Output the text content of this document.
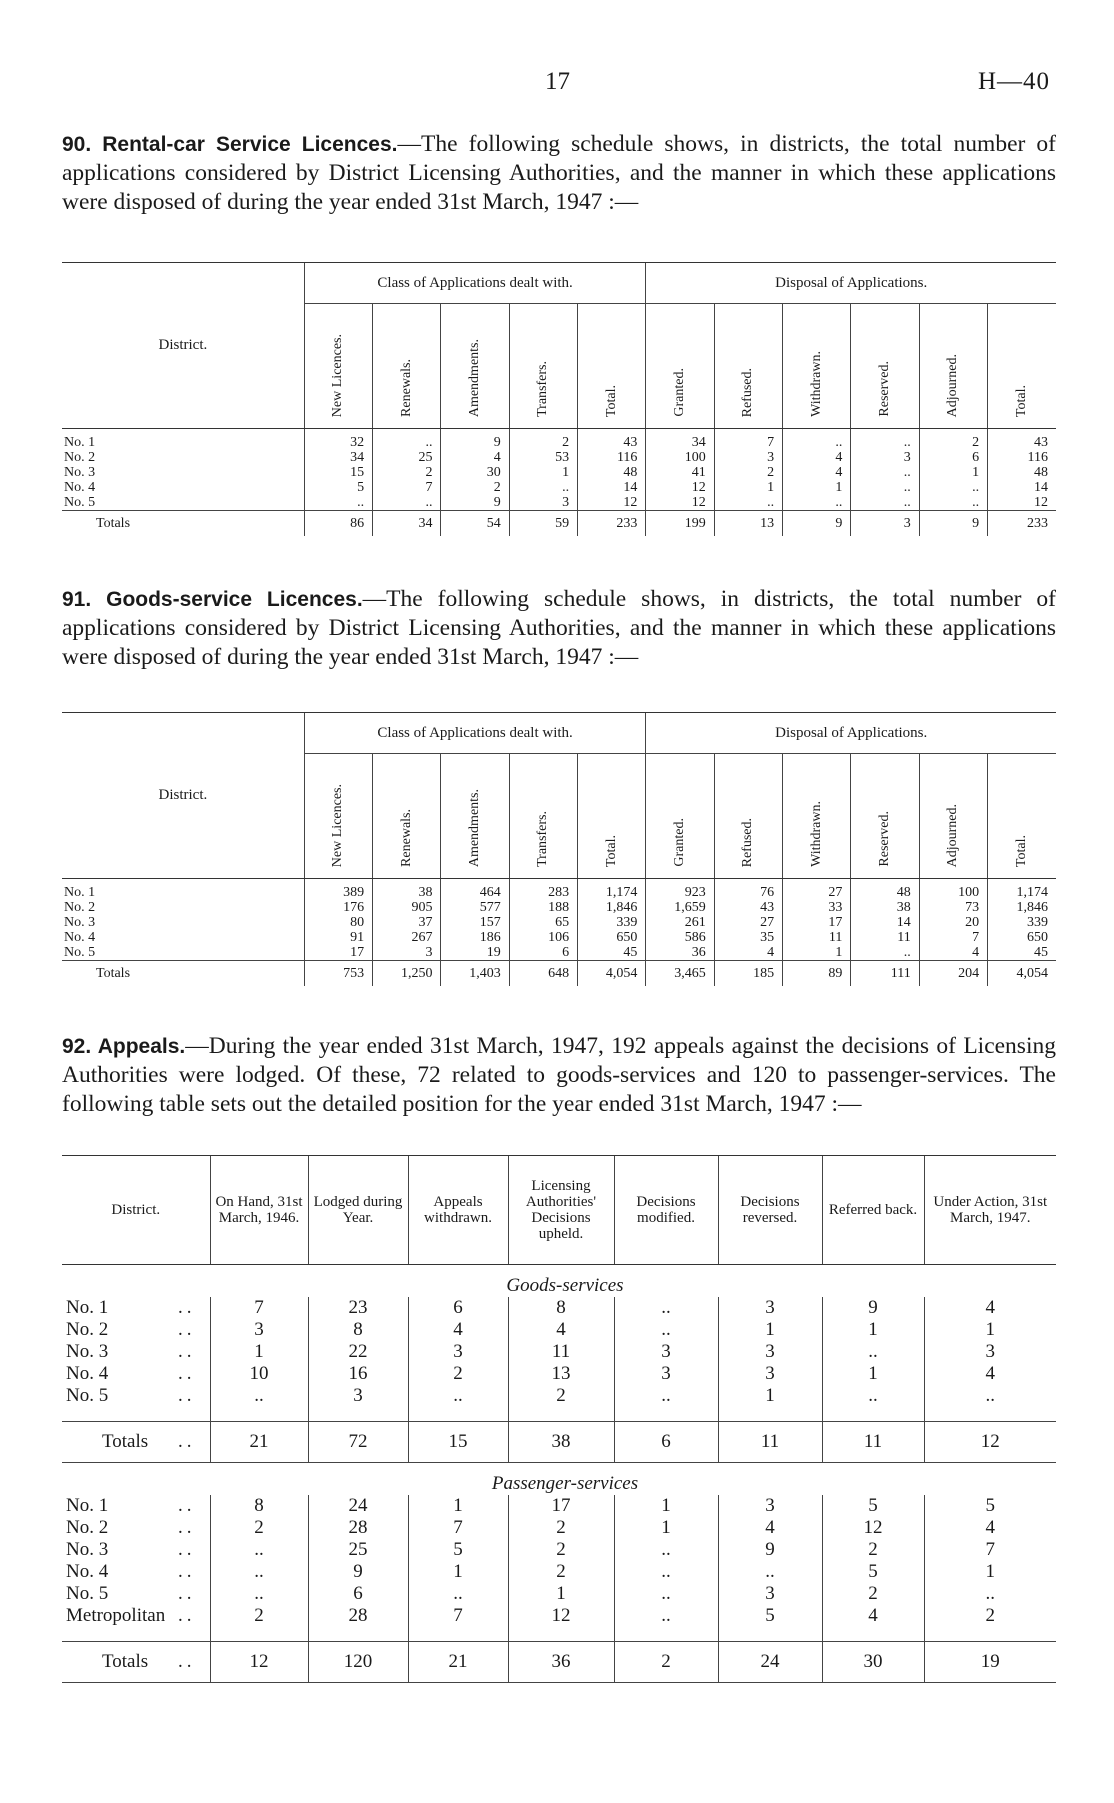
17	H—40
90. Rental-car Service Licences.—The following schedule shows, in districts, the total number of applications considered by District Licensing Authorities, and the manner in which these applications were disposed of during the year ended 31st March, 1947 :—
District.	Class of Applications dealt with.					Disposal of Applications.					
	New Licences.	Renewals.	Amendments.	Transfers.	Total.	Granted.	Refused.	Withdrawn.	Reserved.	Adjourned.	Total.
No. 1	32	..	9	2	43	34	7	..	..	2	43
No. 2	34	25	4	53	116	100	3	4	3	6	116
No. 3	15	2	30	1	48	41	2	4	..	1	48
No. 4	5	7	2	..	14	12	1	1	..	..	14
No. 5	..	..	9	3	12	12	..	..	..	..	12
Totals	86	34	54	59	233	199	13	9	3	9	233
91. Goods-service Licences.—The following schedule shows, in districts, the total number of applications considered by District Licensing Authorities, and the manner in which these applications were disposed of during the year ended 31st March, 1947 :—
District.	Class of Applications dealt with.					Disposal of Applications.					
	New Licences.	Renewals.	Amendments.	Transfers.	Total.	Granted.	Refused.	Withdrawn.	Reserved.	Adjourned.	Total.
No. 1	389	38	464	283	1,174	923	76	27	48	100	1,174
No. 2	176	905	577	188	1,846	1,659	43	33	38	73	1,846
No. 3	80	37	157	65	339	261	27	17	14	20	339
No. 4	91	267	186	106	650	586	35	11	11	7	650
No. 5	17	3	19	6	45	36	4	1	..	4	45
Totals	753	1,250	1,403	648	4,054	3,465	185	89	111	204	4,054
92. Appeals.—During the year ended 31st March, 1947, 192 appeals against the decisions of Licensing Authorities were lodged. Of these, 72 related to goods-services and 120 to passenger-services. The following table sets out the detailed position for the year ended 31st March, 1947 :—
District.	On Hand, 31st March, 1946.	Lodged during Year.	Appeals withdrawn.	Licensing Authorities' Decisions upheld.	Decisions modified.	Decisions reversed.	Referred back.	Under Action, 31st March, 1947.
	Goods-services							
No. 1 ..	7	23	6	8	..	3	9	4
No. 2 ..	3	8	4	4	..	1	1	1
No. 3 ..	1	22	3	11	3	3	..	3
No. 4 ..	10	16	2	13	3	3	1	4
No. 5 ..	..	3	..	2	..	1	..	..

Totals ..	21	72	15	38	6	11	11	12
	Passenger-services							
No. 1 ..	8	24	1	17	1	3	5	5
No. 2 ..	2	28	7	2	1	4	12	4
No. 3 ..	..	25	5	2	..	9	2	7
No. 4 ..	..	9	1	2	..	..	5	1
No. 5 ..	..	6	..	1	..	3	2	..
Metropolitan ..	2	28	7	12	..	5	4	2

Totals ..	12	120	21	36	2	24	30	19
